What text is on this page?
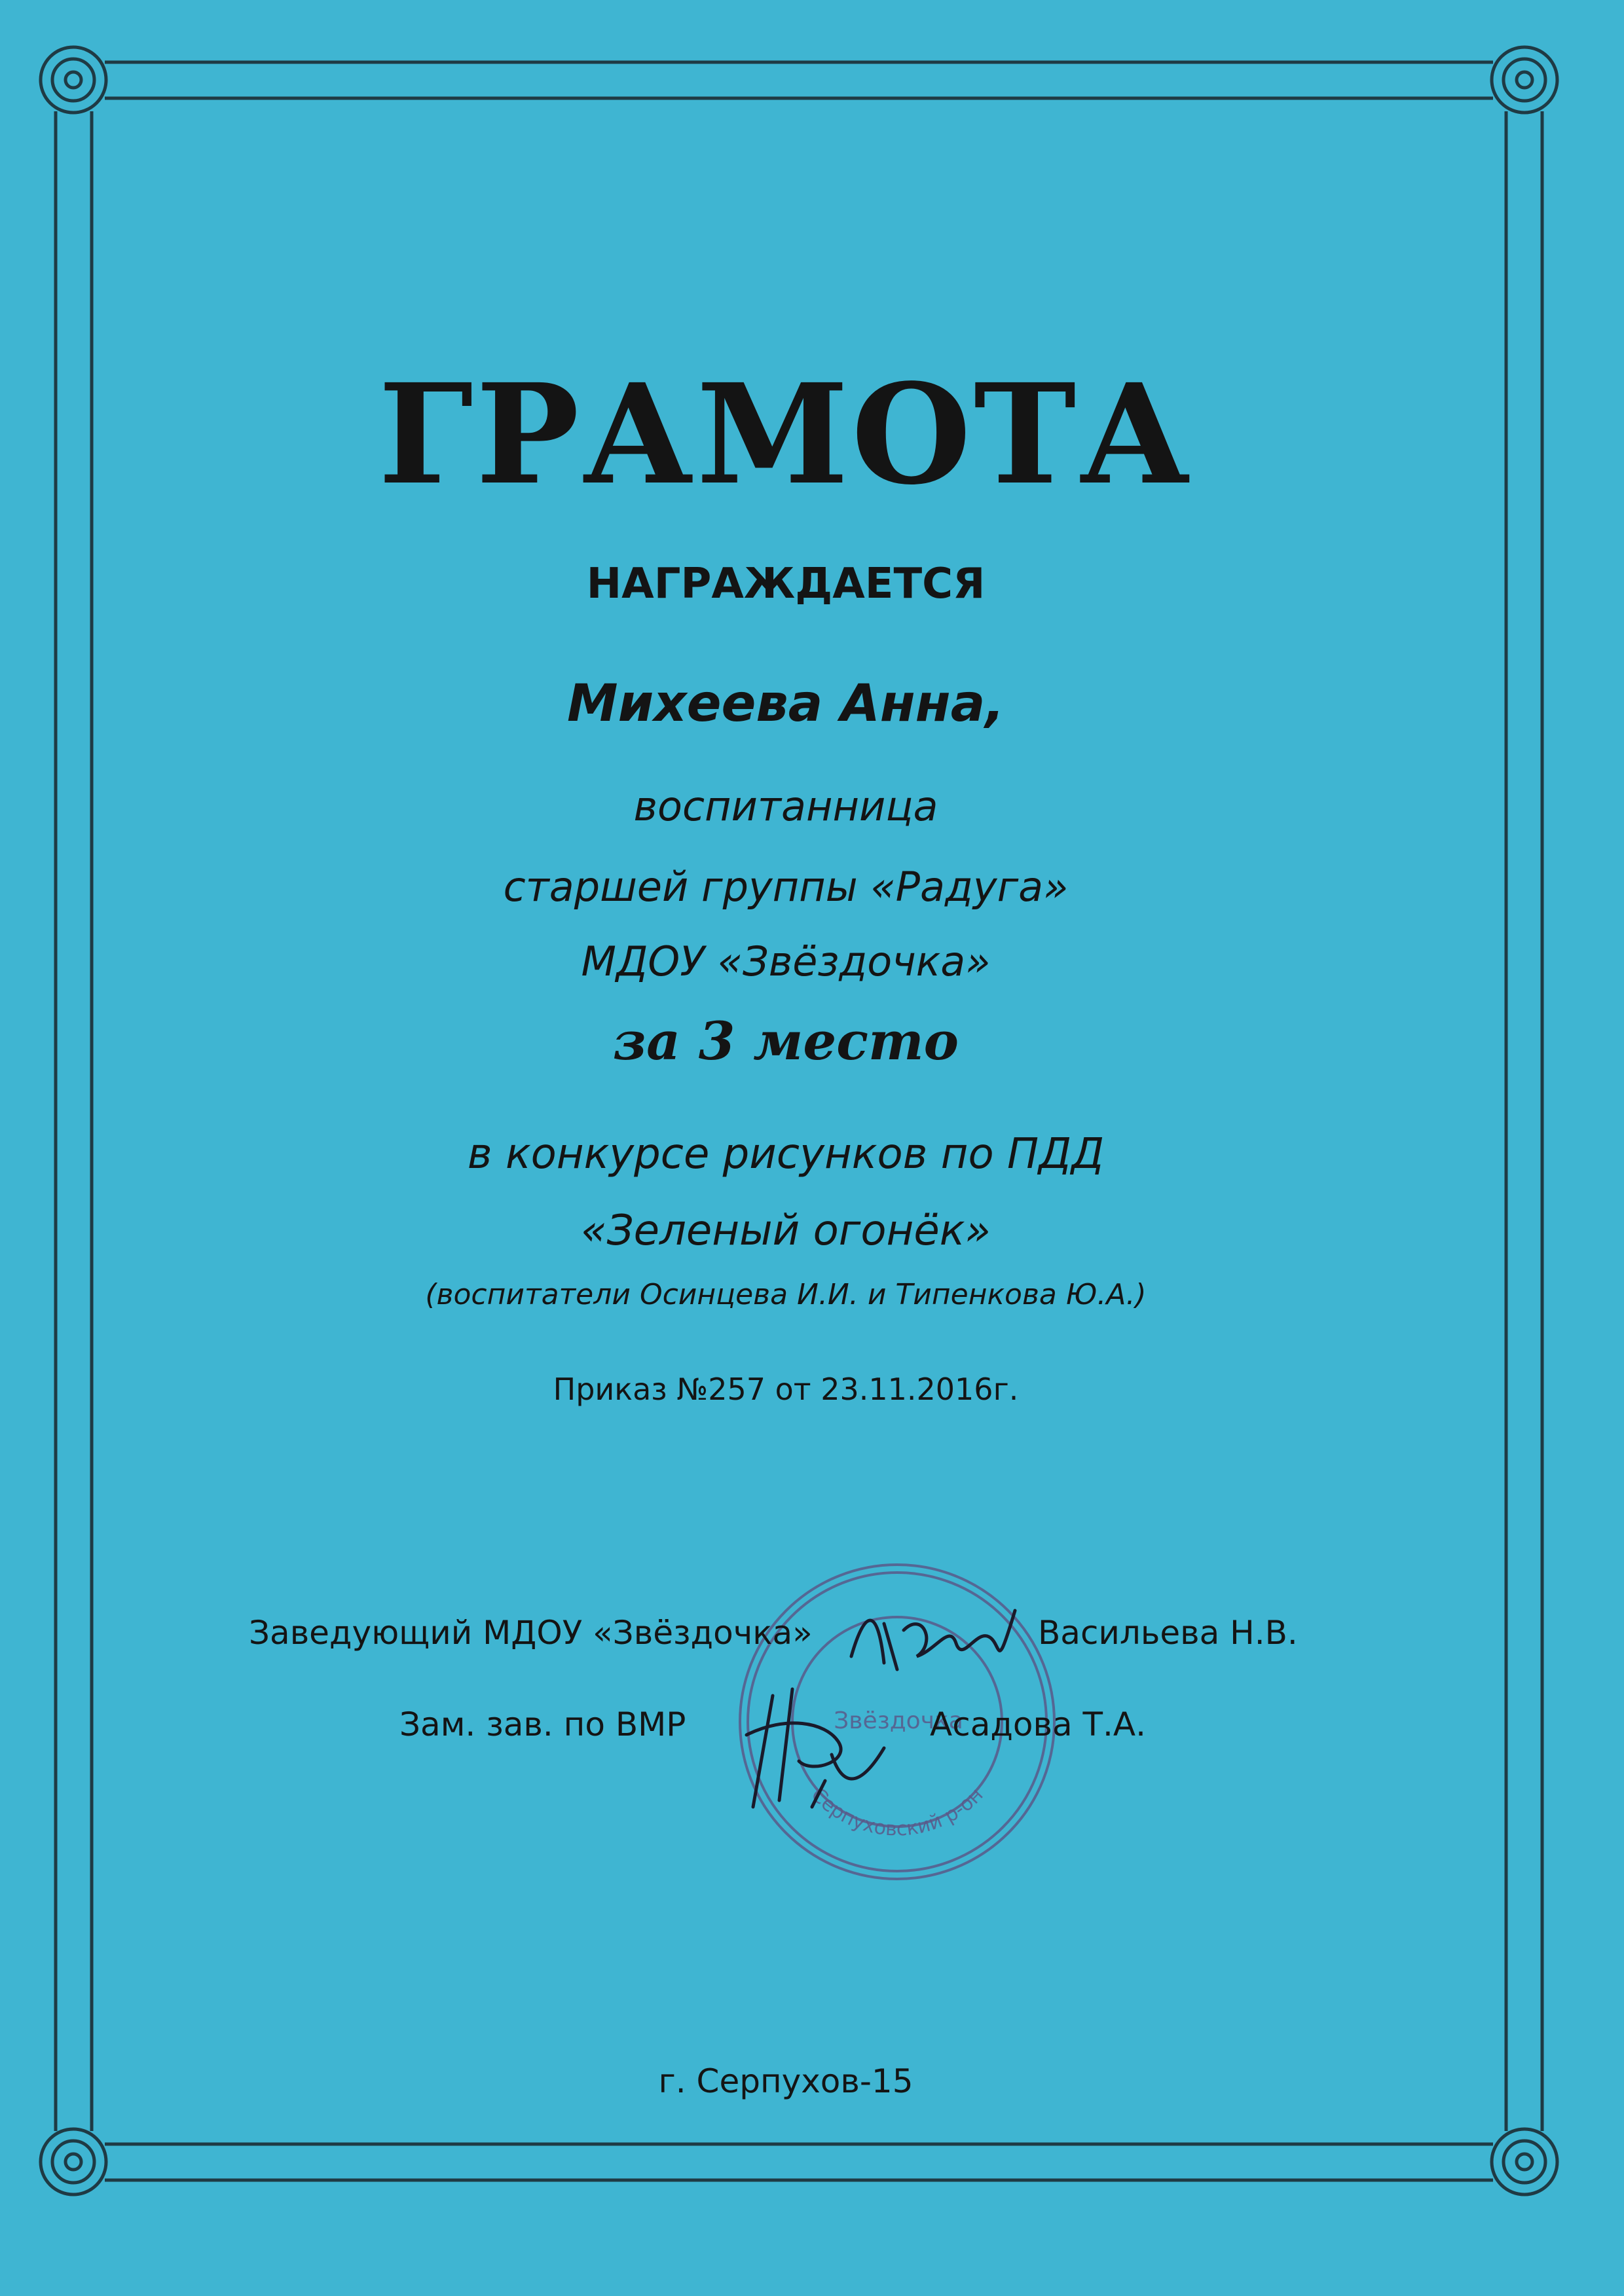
ГРАМОТА
НАГРАЖДАЕТСЯ
Михеева Анна,
воспитанница
старшей группы «Радуга»
МДОУ «Звёздочка»
за 3 место
в конкурсе рисунков по ПДД
«Зеленый огонёк»
(воспитатели Осинцева И.И. и Типенкова Ю.А.)
Приказ №257 от 23.11.2016г.
Звёздочка
Серпуховский р-он
Заведующий МДОУ «Звёздочка»	Васильева Н.В.
Зам. зав. по ВМР	Асадова Т.А.
г. Серпухов-15
